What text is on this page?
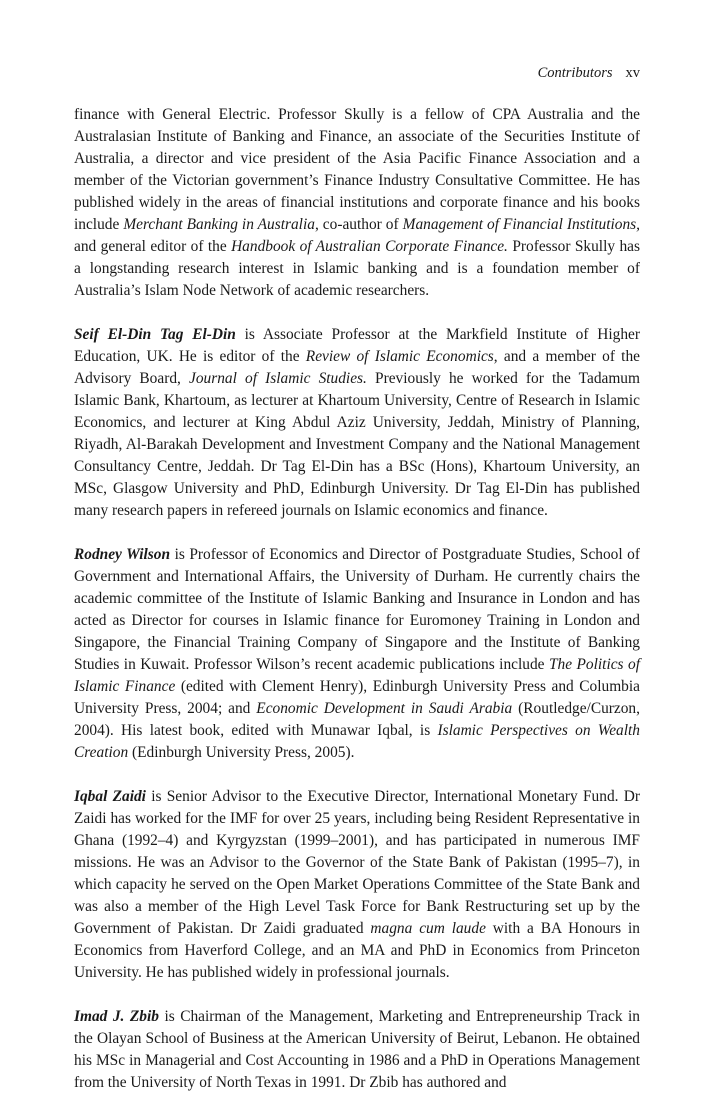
Contributors xv

finance with General Electric. Professor Skully is a fellow of CPA Australia and the Australasian Institute of Banking and Finance, an associate of the Securities Institute of Australia, a director and vice president of the Asia Pacific Finance Association and a member of the Victorian government’s Finance Industry Consultative Committee. He has published widely in the areas of financial institutions and corporate finance and his books include Merchant Banking in Australia, co-author of Management of Financial Institutions, and general editor of the Handbook of Australian Corporate Finance. Professor Skully has a longstanding research interest in Islamic banking and is a foundation member of Australia’s Islam Node Network of academic researchers.

Seif El-Din Tag El-Din is Associate Professor at the Markfield Institute of Higher Education, UK. He is editor of the Review of Islamic Economics, and a member of the Advisory Board, Journal of Islamic Studies. Previously he worked for the Tadamum Islamic Bank, Khartoum, as lecturer at Khartoum University, Centre of Research in Islamic Economics, and lecturer at King Abdul Aziz University, Jeddah, Ministry of Planning, Riyadh, Al-Barakah Development and Investment Company and the National Management Consultancy Centre, Jeddah. Dr Tag El-Din has a BSc (Hons), Khartoum University, an MSc, Glasgow University and PhD, Edinburgh University. Dr Tag El-Din has published many research papers in refereed journals on Islamic economics and finance.

Rodney Wilson is Professor of Economics and Director of Postgraduate Studies, School of Government and International Affairs, the University of Durham. He currently chairs the academic committee of the Institute of Islamic Banking and Insurance in London and has acted as Director for courses in Islamic finance for Euromoney Training in London and Singapore, the Financial Training Company of Singapore and the Institute of Banking Studies in Kuwait. Professor Wilson’s recent academic publications include The Politics of Islamic Finance (edited with Clement Henry), Edinburgh University Press and Columbia University Press, 2004; and Economic Development in Saudi Arabia (Routledge/Curzon, 2004). His latest book, edited with Munawar Iqbal, is Islamic Perspectives on Wealth Creation (Edinburgh University Press, 2005).

Iqbal Zaidi is Senior Advisor to the Executive Director, International Monetary Fund. Dr Zaidi has worked for the IMF for over 25 years, including being Resident Representative in Ghana (1992–4) and Kyrgyzstan (1999–2001), and has participated in numerous IMF missions. He was an Advisor to the Governor of the State Bank of Pakistan (1995–7), in which capacity he served on the Open Market Operations Committee of the State Bank and was also a member of the High Level Task Force for Bank Restructuring set up by the Government of Pakistan. Dr Zaidi graduated magna cum laude with a BA Honours in Economics from Haverford College, and an MA and PhD in Economics from Princeton University. He has published widely in professional journals.

Imad J. Zbib is Chairman of the Management, Marketing and Entrepreneurship Track in the Olayan School of Business at the American University of Beirut, Lebanon. He obtained his MSc in Managerial and Cost Accounting in 1986 and a PhD in Operations Management from the University of North Texas in 1991. Dr Zbib has authored and
